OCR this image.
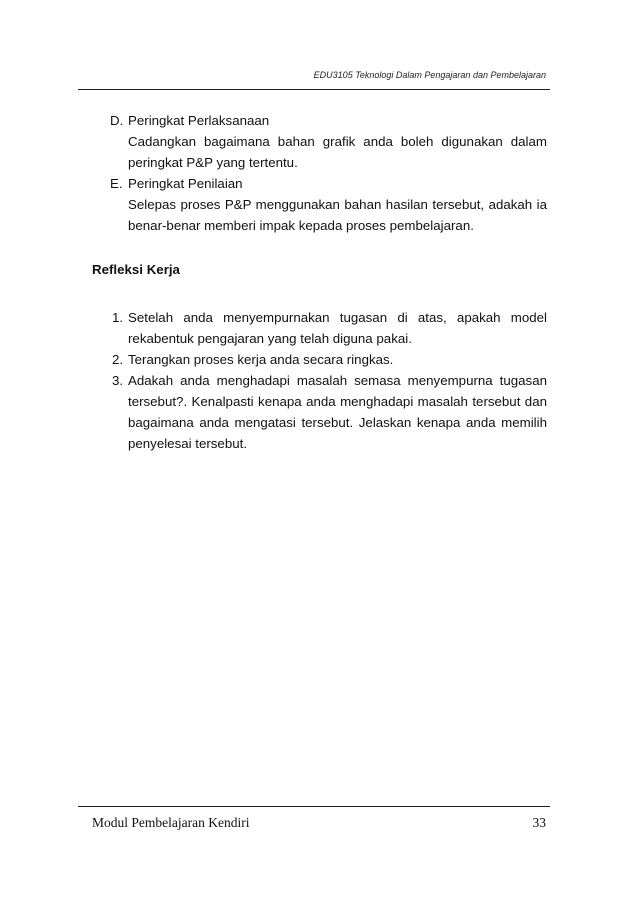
EDU3105 Teknologi Dalam Pengajaran dan Pembelajaran
D. Peringkat Perlaksanaan
Cadangkan bagaimana bahan grafik anda boleh digunakan dalam peringkat P&P yang tertentu.
E. Peringkat Penilaian
Selepas proses P&P menggunakan bahan hasilan tersebut, adakah ia benar-benar memberi impak kepada proses pembelajaran.
Refleksi Kerja
1. Setelah anda menyempurnakan tugasan di atas, apakah model rekabentuk pengajaran yang telah diguna pakai.
2. Terangkan proses kerja anda secara ringkas.
3. Adakah anda menghadapi masalah semasa menyempurna tugasan tersebut?. Kenalpasti kenapa anda menghadapi masalah tersebut dan bagaimana anda mengatasi tersebut. Jelaskan kenapa anda memilih penyelesai tersebut.
Modul Pembelajaran Kendiri	33
